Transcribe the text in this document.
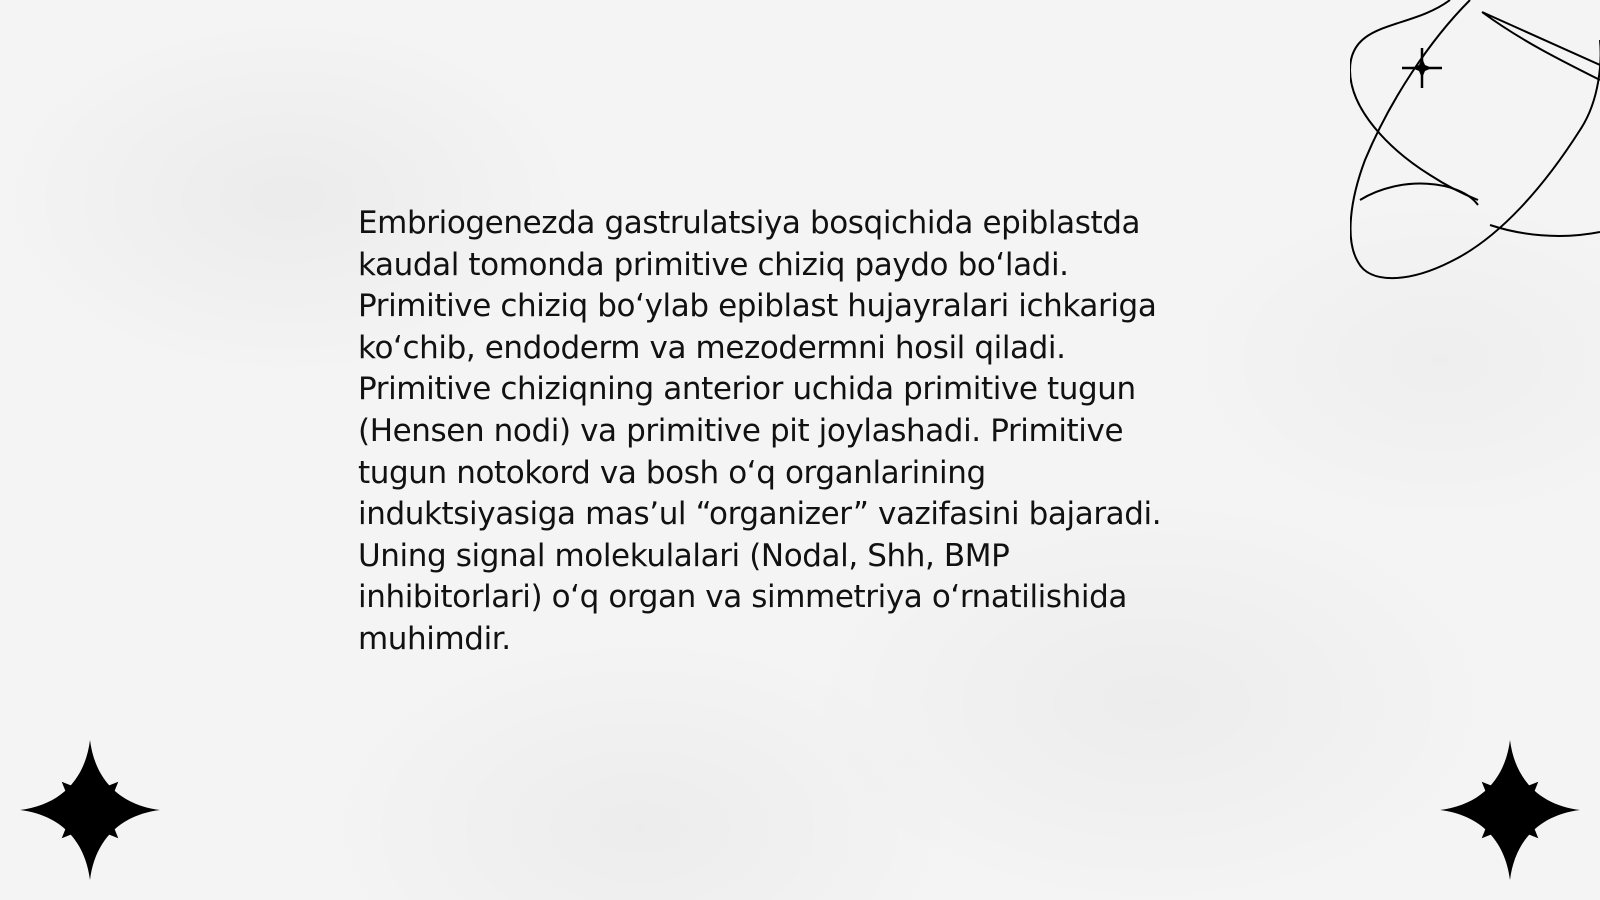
Embriogenezda gastrulatsiya bosqichida epiblastda
kaudal tomonda primitive chiziq paydo bo‘ladi.
Primitive chiziq bo‘ylab epiblast hujayralari ichkariga
ko‘chib, endoderm va mezodermni hosil qiladi.
Primitive chiziqning anterior uchida primitive tugun
(Hensen nodi) va primitive pit joylashadi. Primitive
tugun notokord va bosh o‘q organlarining
induktsiyasiga mas’ul “organizer” vazifasini bajaradi.
Uning signal molekulalari (Nodal, Shh, BMP
inhibitorlari) o‘q organ va simmetriya o‘rnatilishida
muhimdir.
